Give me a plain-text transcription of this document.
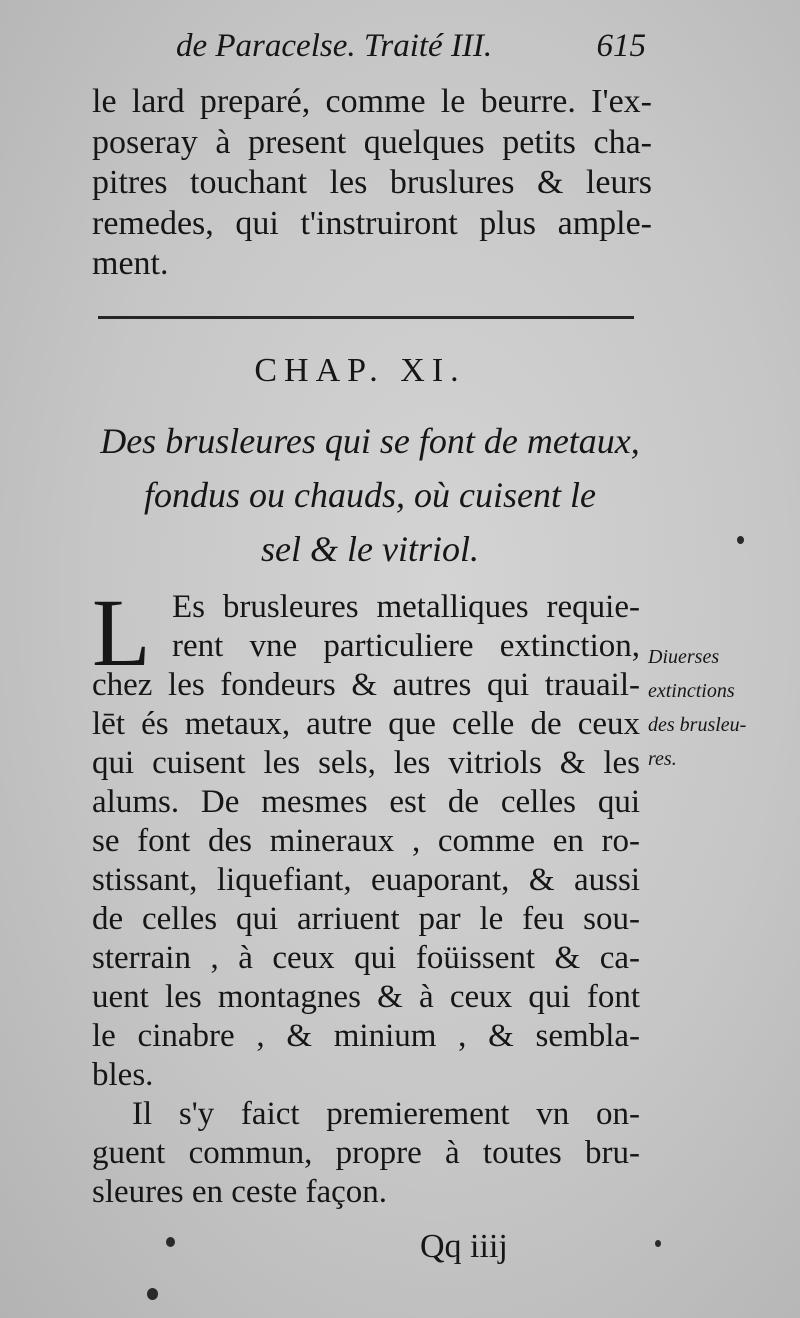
de Paracelse. Traité III.	615
le lard preparé, comme le beurre. I'ex-
poseray à present quelques petits cha-
pitres touchant les bruslures & leurs
remedes, qui t'instruiront plus ample-
ment.
CHAP. XI.
Des brusleures qui se font de metaux,
fondus ou chauds, où cuisent le
sel & le vitriol.
L Es brusleures metalliques requie-
rent vne particuliere extinction,
chez les fondeurs & autres qui trauail-
lēt és metaux, autre que celle de ceux
qui cuisent les sels, les vitriols & les
alums. De mesmes est de celles qui
se font des mineraux , comme en ro-
stissant, liquefiant, euaporant, & aussi
de celles qui arriuent par le feu sou-
sterrain , à ceux qui foüissent & ca-
uent les montagnes & à ceux qui font
le cinabre , & minium , & sembla-
bles.
Il s'y faict premierement vn on-
guent commun, propre à toutes bru-
sleures en ceste façon.
Diuerses
extinctions
des brusleu-
res.
Qq iiij
